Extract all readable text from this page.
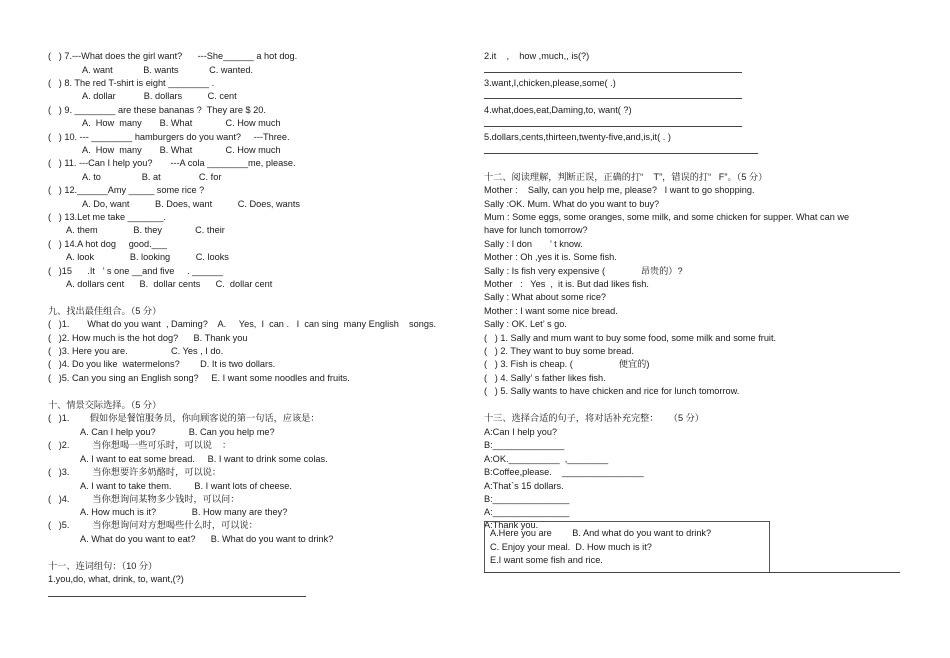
(   ) 7.---What does the girl want?      ---She______ a hot dog.
A. want            B. wants            C. wanted.
(   ) 8. The red T-shirt is eight ________ .
A. dollar           B. dollars          C. cent
(   ) 9. ________ are these bananas ?  They are $ 20.
A.  How  many       B. What             C. How much
(   ) 10. --- ________ hamburgers do you want?     ---Three.
A.  How  many       B. What             C. How much
(   ) 11. ---Can I help you?       ---A cola ________me, please.
A. to                B. at               C. for
(   ) 12.______Amy _____ some rice ?
A. Do, want          B. Does, want          C. Does, wants
(   ) 13.Let me take _______.
A. them              B. they             C. their
(   ) 14.A hot dog     good.___
A. look              B. looking          C. looks
(   )15      .It   ’ s one __and five     . ______
A. dollars cent      B.  dollar cents      C.  dollar cent
九、找出最佳组合。（5 分）
(   )1.       What do you want  , Daming?    A.     Yes,  I  can .   I  can sing  many English    songs.
(   )2. How much is the hot dog?      B. Thank you
(   )3. Here you are.                 C. Yes , I do.
(   )4. Do you like  watermelons?        D. It is two dollars.
(   )5. Can you sing an English song?     E. I want some noodles and fruits.
十、情景交际选择。（5 分）
(   )1.        假如你是餐馆服务员，你向顾客说的第一句话，应该是：
A. Can I help you?             B. Can you help me?
(   )2.         当你想喝一些可乐时，可以说    ：
A. I want to eat some bread.     B. I want to drink some colas.
(   )3.         当你想要许多奶酪时，可以说：
A. I want to take them.         B. I want lots of cheese.
(   )4.         当你想询问某物多少钱时，可以问：
A. How much is it?              B. How many are they?
(   )5.         当你想询问对方想喝些什么时，可以说：
A. What do you want to eat?      B. What do you want to drink?
十一、连词组句：（10 分）
1.you,do, what, drink, to, want,(?)
2.it    ,    how ,much,, is(?)
3.want,I,chicken,please,some( .)
4.what,does,eat,Daming,to, want( ?)
5.dollars,cents,thirteen,twenty-five,and,is,it( . )
十二、阅读理解，判断正误，正确的打“    T”，错误的打“   F”。（5 分）
Mother :    Sally, can you help me, please?   I want to go shopping.
Sally :OK. Mum. What do you want to buy?
Mum : Some eggs, some oranges, some milk, and some chicken for supper. What can we
have for lunch tomorrow?
Sally : I don       ’ t know.
Mother : Oh ,yes it is. Some fish.
Sally : Is fish very expensive (              昂贵的）?
Mother   :   Yes  ,  it is. But dad likes fish.
Sally : What about some rice?
Mother : I want some nice bread.
Sally : OK. Let’ s go.
(   ) 1. Sally and mum want to buy some food, some milk and some fruit.
(   ) 2. They want to buy some bread.
(   ) 3. Fish is cheap. (                  便宜的)
(   ) 4. Sally’ s father likes fish.
(   ) 5. Sally wants to have chicken and rice for lunch tomorrow.
十三、选择合适的句子，将对话补充完整：    （5 分）
A:Can I help you?
B:______________
A:OK.__________  ,________
B:Coffee,please.    ________________
A:That`s 15 dollars.
B:_______________
A:_______________
A:Thank you.
A.Here you are        B. And what do you want to drink?
C. Enjoy your meal.  D. How much is it?
E.I want some fish and rice.
